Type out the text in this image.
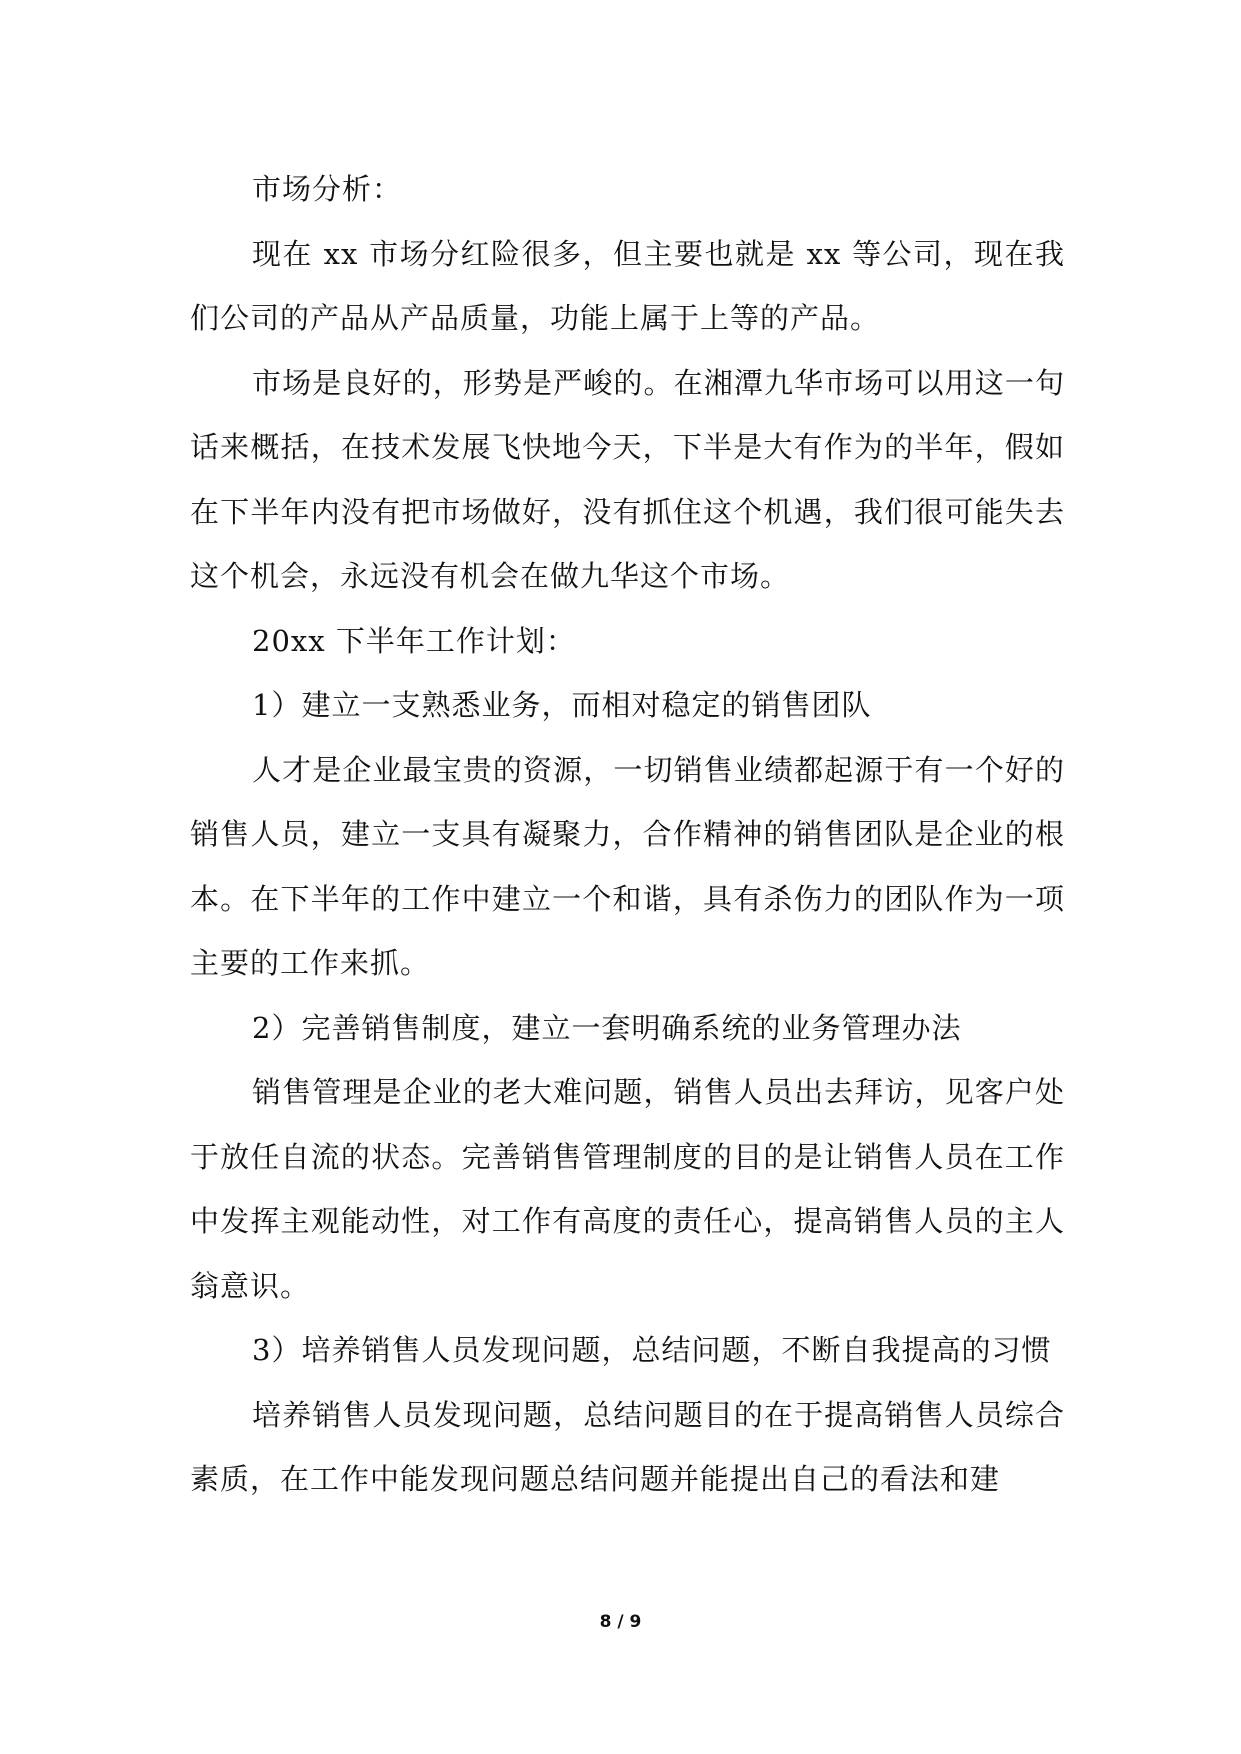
市场分析：

现在 xx 市场分红险很多，但主要也就是 xx 等公司，现在我们公司的产品从产品质量，功能上属于上等的产品。

市场是良好的，形势是严峻的。在湘潭九华市场可以用这一句话来概括，在技术发展飞快地今天，下半是大有作为的半年，假如在下半年内没有把市场做好，没有抓住这个机遇，我们很可能失去这个机会，永远没有机会在做九华这个市场。

20xx 下半年工作计划：

1）建立一支熟悉业务，而相对稳定的销售团队

人才是企业最宝贵的资源，一切销售业绩都起源于有一个好的销售人员，建立一支具有凝聚力，合作精神的销售团队是企业的根本。在下半年的工作中建立一个和谐，具有杀伤力的团队作为一项主要的工作来抓。

2）完善销售制度，建立一套明确系统的业务管理办法

销售管理是企业的老大难问题，销售人员出去拜访，见客户处于放任自流的状态。完善销售管理制度的目的是让销售人员在工作中发挥主观能动性，对工作有高度的责任心，提高销售人员的主人翁意识。

3）培养销售人员发现问题，总结问题，不断自我提高的习惯

培养销售人员发现问题，总结问题目的在于提高销售人员综合素质，在工作中能发现问题总结问题并能提出自己的看法和建

8 / 9
